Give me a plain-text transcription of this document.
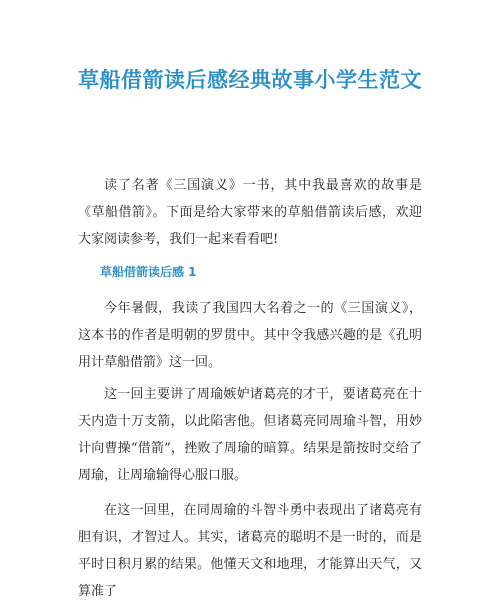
草船借箭读后感经典故事小学生范文

读了名著《三国演义》一书，其中我最喜欢的故事是《草船借箭》。下面是给大家带来的草船借箭读后感，欢迎大家阅读参考，我们一起来看看吧!

草船借箭读后感 1

今年暑假，我读了我国四大名着之一的《三国演义》，这本书的作者是明朝的罗贯中。其中令我感兴趣的是《孔明用计草船借箭》这一回。

这一回主要讲了周瑜嫉妒诸葛亮的才干，要诸葛亮在十天内造十万支箭，以此陷害他。但诸葛亮同周瑜斗智，用妙计向曹操“借箭”，挫败了周瑜的暗算。结果是箭按时交给了周瑜，让周瑜输得心服口服。

在这一回里，在同周瑜的斗智斗勇中表现出了诸葛亮有胆有识，才智过人。其实，诸葛亮的聪明不是一时的，而是平时日积月累的结果。他懂天文和地理，才能算出天气，又算准了
